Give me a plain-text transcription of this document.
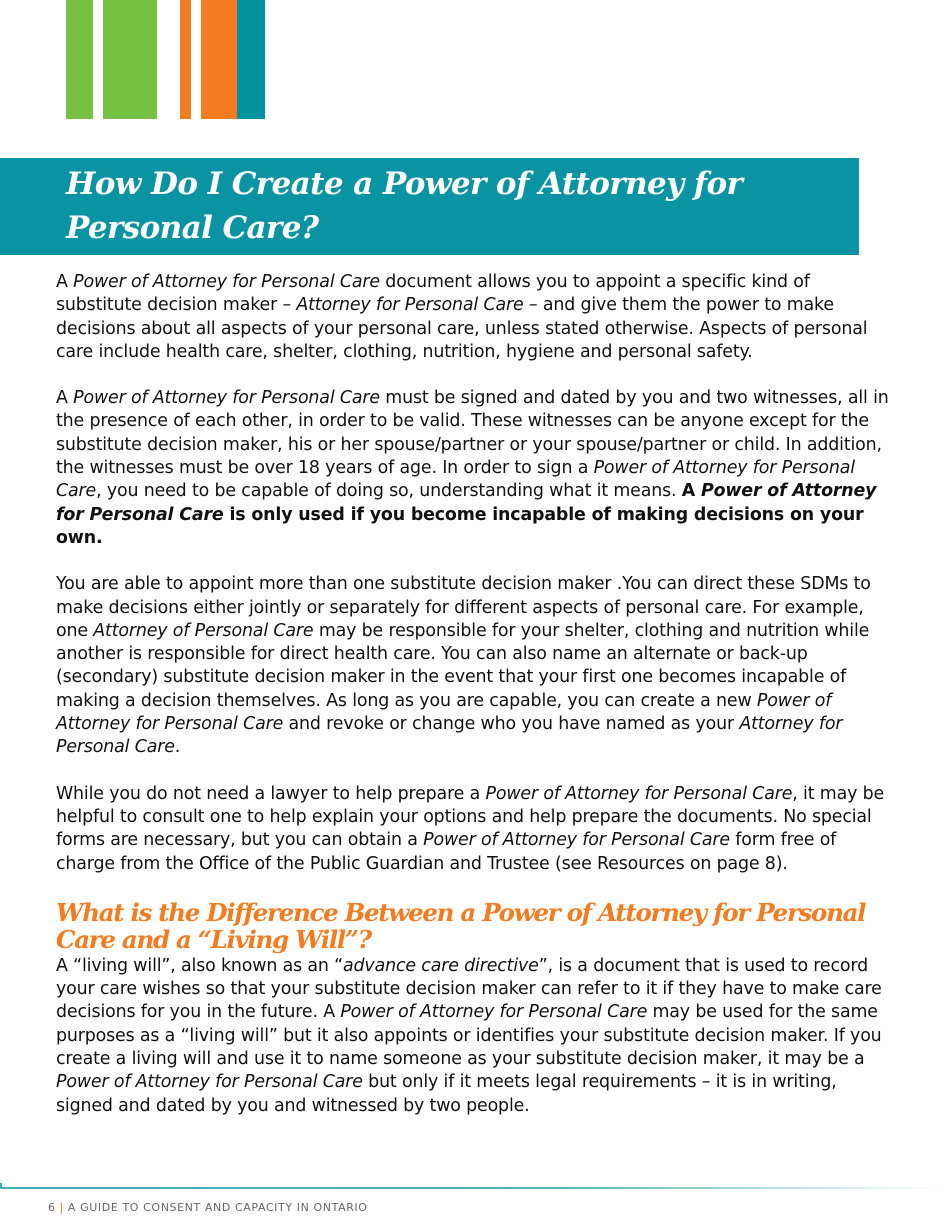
How Do I Create a Power of Attorney for Personal Care?

A Power of Attorney for Personal Care document allows you to appoint a specific kind of substitute decision maker – Attorney for Personal Care – and give them the power to make decisions about all aspects of your personal care, unless stated otherwise. Aspects of personal care include health care, shelter, clothing, nutrition, hygiene and personal safety.

A Power of Attorney for Personal Care must be signed and dated by you and two witnesses, all in the presence of each other, in order to be valid. These witnesses can be anyone except for the substitute decision maker, his or her spouse/partner or your spouse/partner or child. In addition, the witnesses must be over 18 years of age. In order to sign a Power of Attorney for Personal Care, you need to be capable of doing so, understanding what it means. A Power of Attorney for Personal Care is only used if you become incapable of making decisions on your own.

You are able to appoint more than one substitute decision maker .You can direct these SDMs to make decisions either jointly or separately for different aspects of personal care. For example, one Attorney of Personal Care may be responsible for your shelter, clothing and nutrition while another is responsible for direct health care. You can also name an alternate or back-up (secondary) substitute decision maker in the event that your first one becomes incapable of making a decision themselves. As long as you are capable, you can create a new Power of Attorney for Personal Care and revoke or change who you have named as your Attorney for Personal Care.

While you do not need a lawyer to help prepare a Power of Attorney for Personal Care, it may be helpful to consult one to help explain your options and help prepare the documents. No special forms are necessary, but you can obtain a Power of Attorney for Personal Care form free of charge from the Office of the Public Guardian and Trustee (see Resources on page 8).

What is the Difference Between a Power of Attorney for Personal Care and a “Living Will”?

A “living will”, also known as an “advance care directive”, is a document that is used to record your care wishes so that your substitute decision maker can refer to it if they have to make care decisions for you in the future. A Power of Attorney for Personal Care may be used for the same purposes as a “living will” but it also appoints or identifies your substitute decision maker. If you create a living will and use it to name someone as your substitute decision maker, it may be a Power of Attorney for Personal Care but only if it meets legal requirements – it is in writing, signed and dated by you and witnessed by two people.

6 | A GUIDE TO CONSENT AND CAPACITY IN ONTARIO
